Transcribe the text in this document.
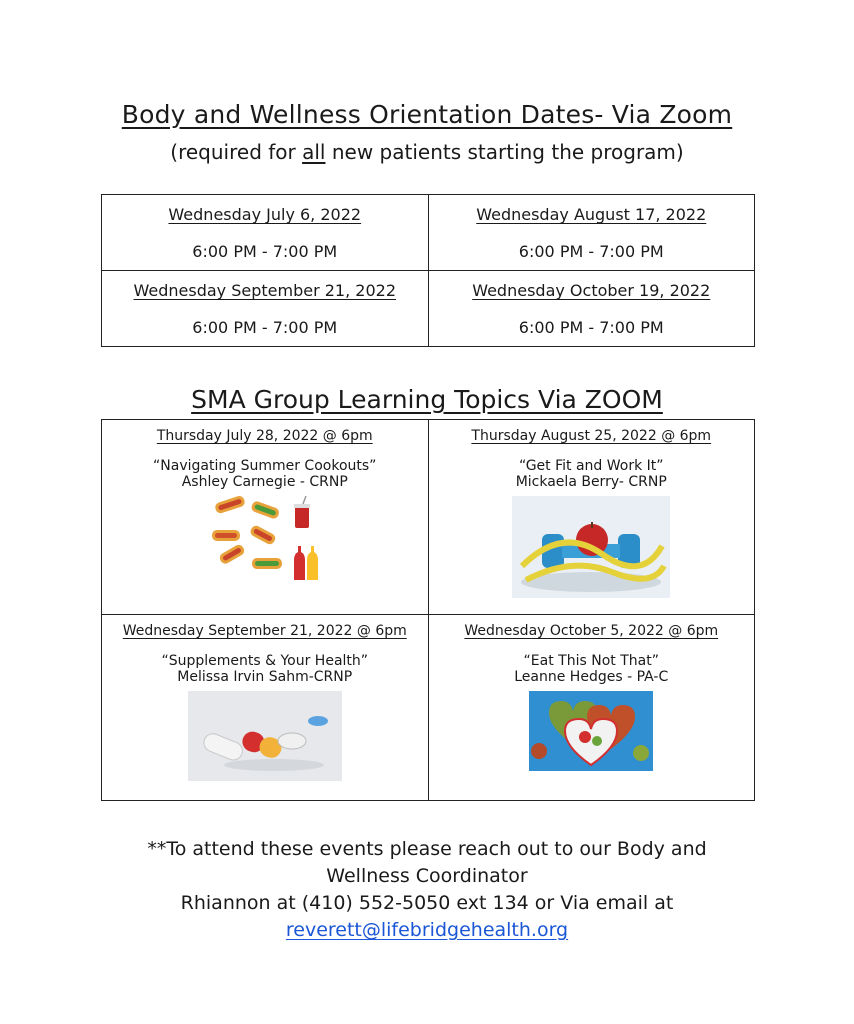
Body and Wellness Orientation Dates- Via Zoom
(required for all new patients starting the program)
Wednesday July 6, 2022
6:00 PM - 7:00 PM	Wednesday August 17, 2022
6:00 PM - 7:00 PM

Wednesday September 21, 2022
6:00 PM - 7:00 PM	Wednesday October 19, 2022
6:00 PM - 7:00 PM
SMA Group Learning Topics Via ZOOM
Thursday July 28, 2022 @ 6pm
“Navigating Summer Cookouts”
Ashley Carnegie - CRNP	Thursday August 25, 2022 @ 6pm
“Get Fit and Work It”
Mickaela Berry- CRNP

Wednesday September 21, 2022 @ 6pm
“Supplements & Your Health”
Melissa Irvin Sahm-CRNP	Wednesday October 5, 2022 @ 6pm
“Eat This Not That”
Leanne Hedges - PA-C
**To attend these events please reach out to our Body and
Wellness Coordinator
Rhiannon at (410) 552-5050 ext 134 or Via email at
reverett@lifebridgehealth.org
